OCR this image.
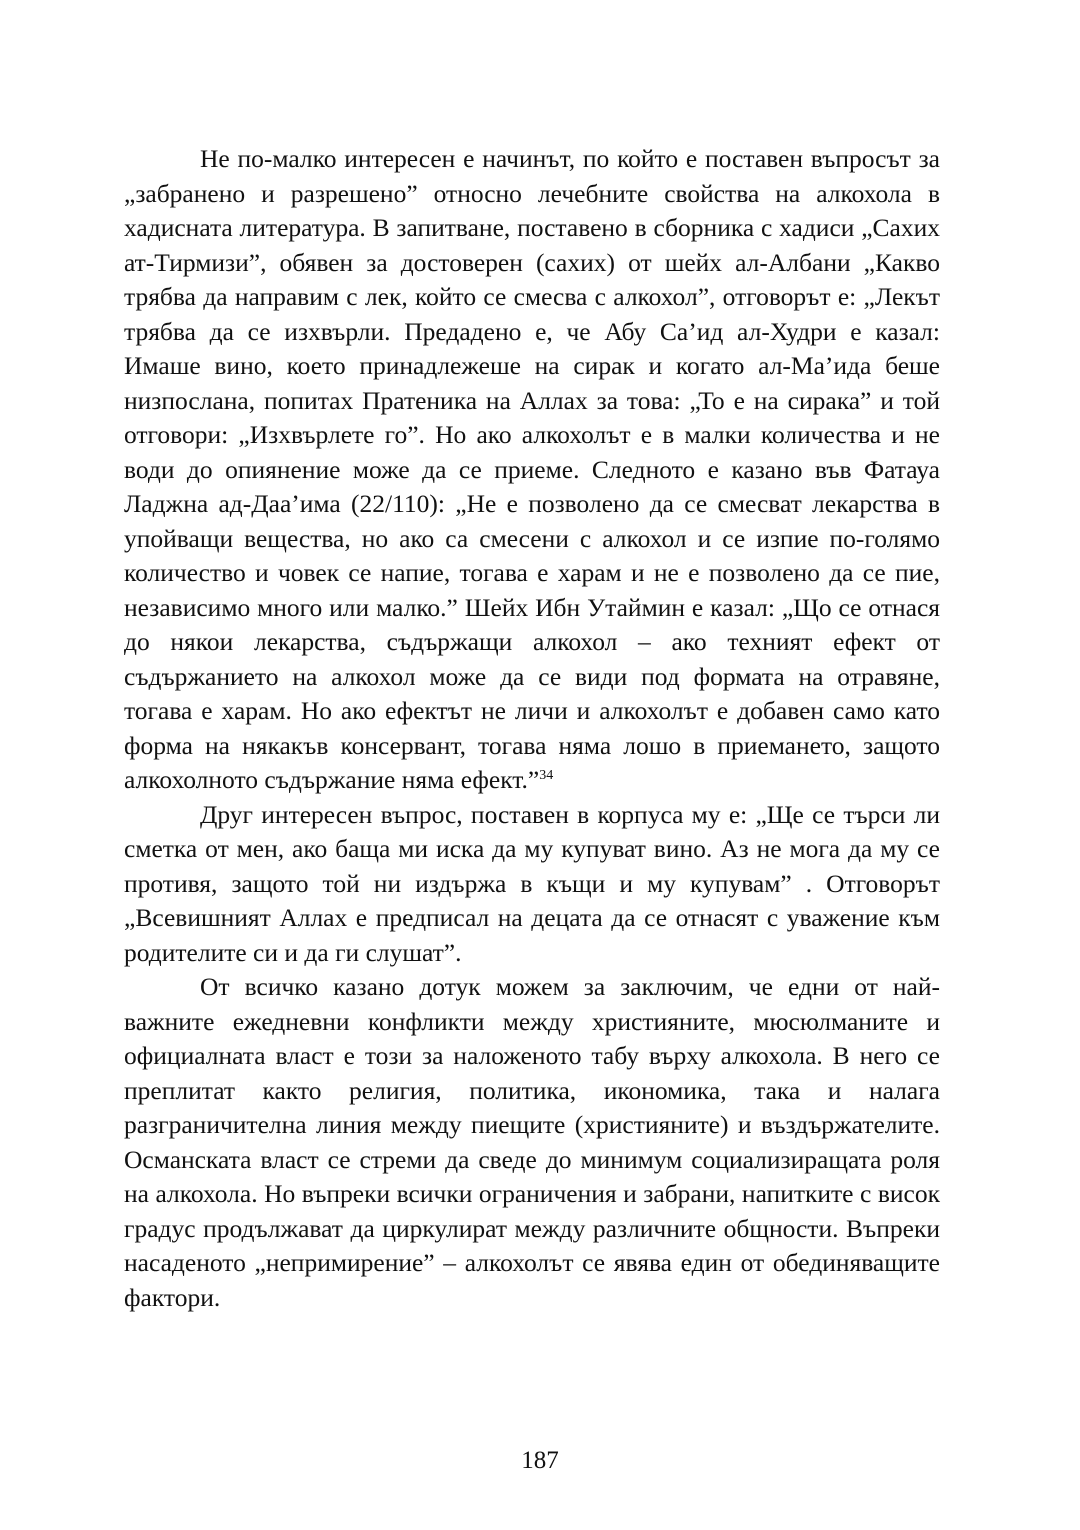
Не по-малко интересен е начинът, по който е поставен въпросът за „забранено и разрешено” относно лечебните свойства на алкохола в хадисната литература. В запитване, поставено в сборника с хадиси „Сахих ат-Тирмизи”, обявен за достоверен (сахих) от шейх ал-Албани „Какво трябва да направим с лек, който се смесва с алкохол”, отговорът е: „Лекът трябва да се изхвърли. Предадено е, че Абу Са’ид ал-Худри е казал: Имаше вино, което принадлежеше на сирак и когато ал-Ма’ида беше низпослана, попитах Пратеника на Аллах за това: „То е на сирака” и той отговори: „Изхвърлете го”. Но ако алкохолът е в малки количества и не води до опиянение може да се приеме. Следното е казано във Фатауа Ладжна ад-Даа’има (22/110): „Не е позволено да се смесват лекарства в упойващи вещества, но ако са смесени с алкохол и се изпие по-голямо количество и човек се напие, тогава е харам и не е позволено да се пие, независимо много или малко.” Шейх Ибн Утаймин е казал: „Що се отнася до някои лекарства, съдържащи алкохол – ако техният ефект от съдържанието на алкохол може да се види под формата на отравяне, тогава е харам. Но ако ефектът не личи и алкохолът е добавен само като форма на някакъв консервант, тогава няма лошо в приемането, защото алкохолното съдържание няма ефект.”$^{34}$

Друг интересен въпрос, поставен в корпуса му е: „Ще се търси ли сметка от мен, ако баща ми иска да му купуват вино. Аз не мога да му се противя, защото той ни издържа в къщи и му купувам” . Отговорът „Всевишният Аллах е предписал на децата да се отнасят с уважение към родителите си и да ги слушат”.

От всичко казано дотук можем за заключим, че едни от най-важните ежедневни конфликти между християните, мюсюлманите и официалната власт е този за наложеното табу върху алкохола. В него се преплитат както религия, политика, икономика, така и налага разграничителна линия между пиещите (християните) и въздържателите. Османската власт се стреми да сведе до минимум социализиращата роля на алкохола. Но въпреки всички ограничения и забрани, напитките с висок градус продължават да циркулират между различните общности. Въпреки насаденото „непримирение” – алкохолът се явява един от обединяващите фактори.

187
